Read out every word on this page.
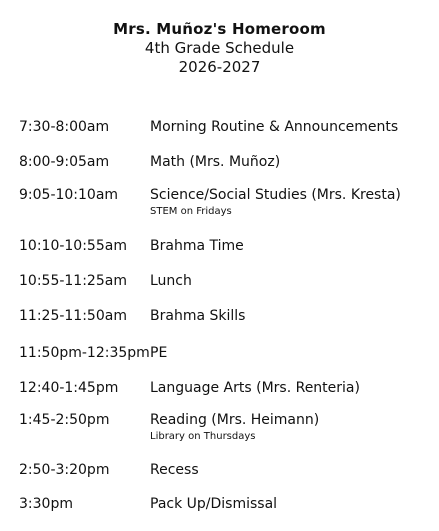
Mrs. Muñoz's Homeroom
4th Grade Schedule
2026-2027
7:30-8:00am	Morning Routine & Announcements
8:00-9:05am	Math (Mrs. Muñoz)
9:05-10:10am	Science/Social Studies (Mrs. Kresta)
STEM on Fridays
10:10-10:55am	Brahma Time
10:55-11:25am	Lunch
11:25-11:50am	Brahma Skills
11:50pm-12:35pm PE
12:40-1:45pm	Language Arts (Mrs. Renteria)
1:45-2:50pm	Reading (Mrs. Heimann)
Library on Thursdays
2:50-3:20pm	Recess
3:30pm	Pack Up/Dismissal
